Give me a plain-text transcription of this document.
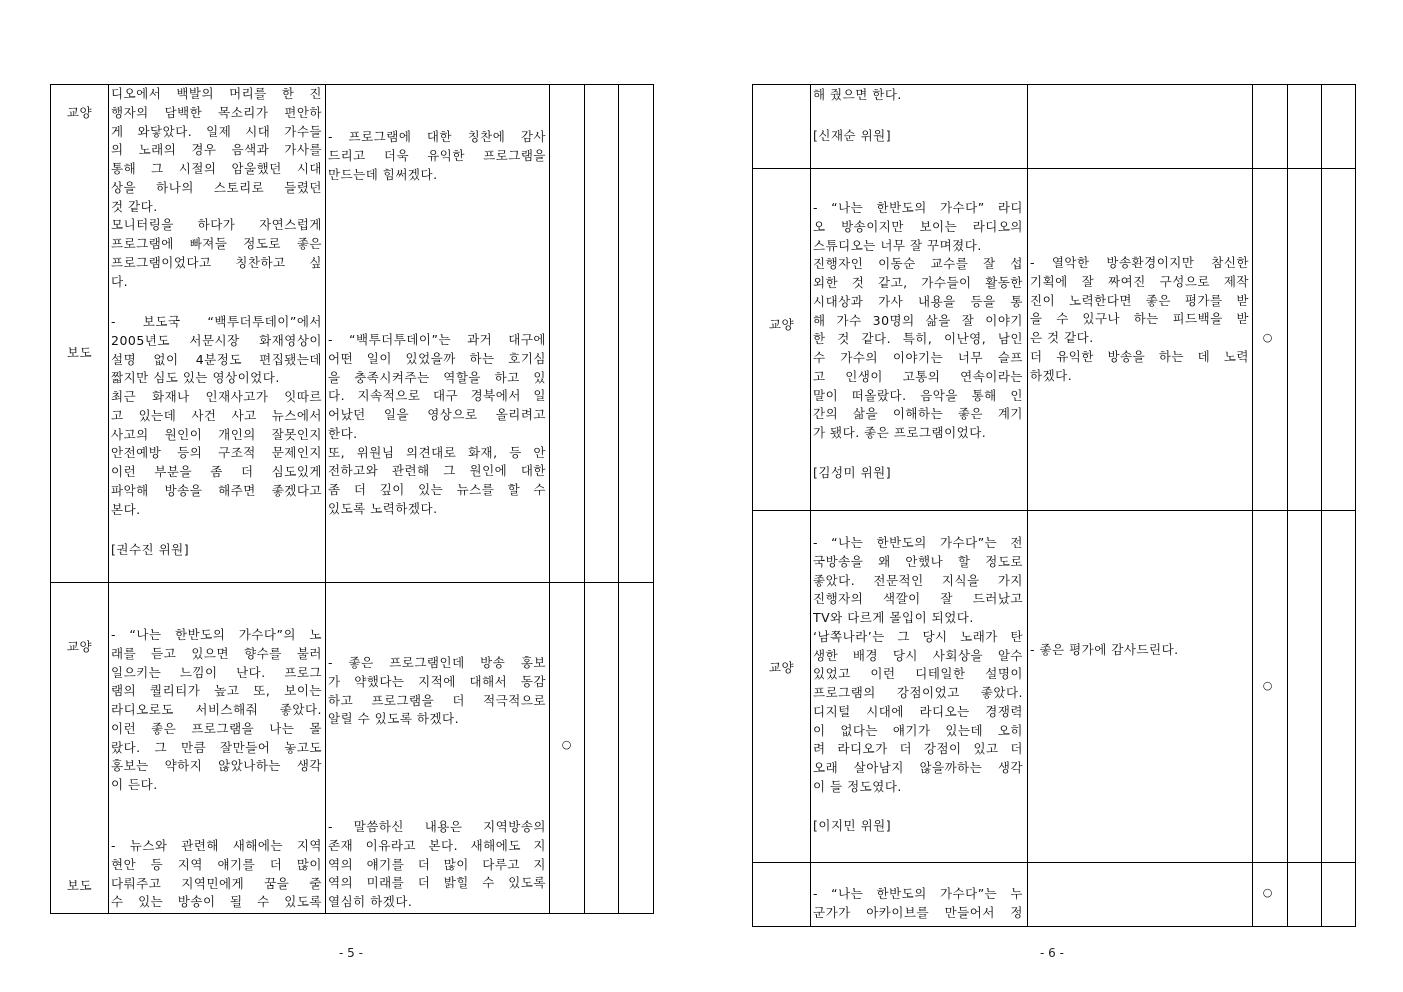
교양
보도
교양
보도
디오에서 백발의 머리를 한 진
행자의 담백한 목소리가 편안하
게 와닿았다. 일제 시대 가수들
의 노래의 경우 음색과 가사를
통해 그 시절의 암울했던 시대
상을 하나의 스토리로 들렸던
것 같다.
모니터링을 하다가 자연스럽게
프로그램에 빠져들 정도로 좋은
프로그램이었다고 칭찬하고 싶
다.
- 보도국 “백투더투데이”에서
2005년도 서문시장 화재영상이
설명 없이 4분정도 편집됐는데
짧지만 심도 있는 영상이었다.
최근 화재나 인재사고가 잇따르
고 있는데 사건 사고 뉴스에서
사고의 원인이 개인의 잘못인지
안전예방 등의 구조적 문제인지
이런 부분을 좀 더 심도있게
파악해 방송을 해주면 좋겠다고
본다.
[권수진 위원]
- 프로그램에 대한 칭찬에 감사
드리고 더욱 유익한 프로그램을
만드는데 힘써겠다.
- “백투더투데이”는 과거 대구에
어떤 일이 있었을까 하는 호기심
을 충족시켜주는 역할을 하고 있
다. 지속적으로 대구 경북에서 일
어났던 일을 영상으로 올리려고
한다.
또, 위원님 의견대로 화재, 등 안
전하고와 관련해 그 원인에 대한
좀 더 깊이 있는 뉴스를 할 수
있도록 노력하겠다.
- “나는 한반도의 가수다”의 노
래를 듣고 있으면 향수를 불러
일으키는 느낌이 난다. 프로그
램의 퀄리티가 높고 또, 보이는
라디오로도 서비스해줘 좋았다.
이런 좋은 프로그램을 나는 몰
랐다. 그 만큼 잘만들어 놓고도
홍보는 약하지 않았나하는 생각
이 든다.
- 뉴스와 관련해 새해에는 지역
현안 등 지역 얘기를 더 많이
다뤄주고 지역민에게 꿈을 줄
수 있는 방송이 될 수 있도록
- 좋은 프로그램인데 방송 홍보
가 약했다는 지적에 대해서 동감
하고 프로그램을 더 적극적으로
알릴 수 있도록 하겠다.
- 말씀하신 내용은 지역방송의
존재 이유라고 본다. 새해에도 지
역의 얘기를 더 많이 다루고 지
역의 미래를 더 밝힐 수 있도록
열심히 하겠다.
○
- 5 -
교양
교양
해 줬으면 한다.
[신재순 위원]
- “나는 한반도의 가수다” 라디
오 방송이지만 보이는 라디오의
스튜디오는 너무 잘 꾸며졌다.
진행자인 이동순 교수를 잘 섭
외한 것 같고, 가수들이 활동한
시대상과 가사 내용을 등을 통
해 가수 30명의 삶을 잘 이야기
한 것 같다. 특히, 이난영, 남인
수 가수의 이야기는 너무 슬프
고 인생이 고통의 연속이라는
말이 떠올랐다. 음악을 통해 인
간의 삶을 이해하는 좋은 계기
가 됐다. 좋은 프로그램이었다.
[김성미 위원]
- 열악한 방송환경이지만 참신한
기획에 잘 짜여진 구성으로 제작
진이 노력한다면 좋은 평가를 받
을 수 있구나 하는 피드백을 받
은 것 같다.
더 유익한 방송을 하는 데 노력
하겠다.
○
- “나는 한반도의 가수다”는 전
국방송을 왜 안했나 할 정도로
좋았다. 전문적인 지식을 가지
진행자의 색깔이 잘 드러났고
TV와 다르게 몰입이 되었다.
‘남쪽나라’는 그 당시 노래가 탄
생한 배경 당시 사회상을 알수
있었고 이런 디테일한 설명이
프로그램의 강점이었고 좋았다.
디지털 시대에 라디오는 경쟁력
이 없다는 얘기가 있는데 오히
려 라디오가 더 강점이 있고 더
오래 살아남지 않을까하는 생각
이 들 정도였다.
[이지민 위원]
- 좋은 평가에 감사드린다.
○
- “나는 한반도의 가수다”는 누
군가가 아카이브를 만들어서 정
○
- 6 -
